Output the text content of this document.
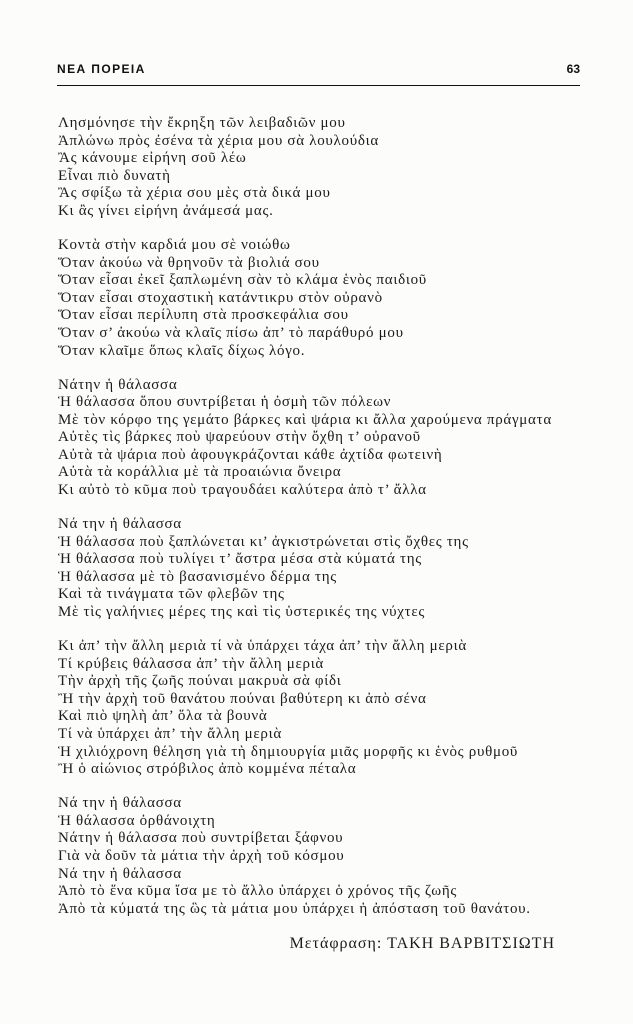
ΝΕΑ ΠΟΡΕΙΑ	63
Λησμόνησε τὴν ἔκρηξη τῶν λειβαδιῶν μου
Ἀπλώνω πρὸς ἐσένα τὰ χέρια μου σὰ λουλούδια
Ἂς κάνουμε εἰρήνη σοῦ λέω
Εἶναι πιὸ δυνατὴ
Ἂς σφίξω τὰ χέρια σου μὲς στὰ δικά μου
Κι ἂς γίνει εἰρήνη ἀνάμεσά μας.
Κοντὰ στὴν καρδιά μου σὲ νοιώθω
Ὅταν ἀκούω νὰ θρηνοῦν τὰ βιολιά σου
Ὅταν εἶσαι ἐκεῖ ξαπλωμένη σὰν τὸ κλάμα ἑνὸς παιδιοῦ
Ὅταν εἶσαι στοχαστικὴ κατάντικρυ στὸν οὐρανὸ
Ὅταν εἶσαι περίλυπη στὰ προσκεφάλια σου
Ὅταν σ’ ἀκούω νὰ κλαῖς πίσω ἀπ’ τὸ παράθυρό μου
Ὅταν κλαῖμε ὅπως κλαῖς δίχως λόγο.
Νάτην ἡ θάλασσα
Ἡ θάλασσα ὅπου συντρίβεται ἡ ὀσμὴ τῶν πόλεων
Μὲ τὸν κόρφο της γεμάτο βάρκες καὶ ψάρια κι ἄλλα χαρούμενα πράγματα
Αὐτὲς τὶς βάρκες ποὺ ψαρεύουν στὴν ὄχθη τ’ οὐρανοῦ
Αὐτὰ τὰ ψάρια ποὺ ἀφουγκράζονται κάθε ἀχτίδα φωτεινὴ
Αὐτὰ τὰ κοράλλια μὲ τὰ προαιώνια ὄνειρα
Κι αὐτὸ τὸ κῦμα ποὺ τραγουδάει καλύτερα ἀπὸ τ’ ἄλλα
Νά την ἡ θάλασσα
Ἡ θάλασσα ποὺ ξαπλώνεται κι’ ἀγκιστρώνεται στὶς ὄχθες της
Ἡ θάλασσα ποὺ τυλίγει τ’ ἄστρα μέσα στὰ κύματά της
Ἡ θάλασσα μὲ τὸ βασανισμένο δέρμα της
Καὶ τὰ τινάγματα τῶν φλεβῶν της
Μὲ τὶς γαλήνιες μέρες της καὶ τὶς ὑστερικές της νύχτες
Κι ἀπ’ τὴν ἄλλη μεριὰ τί νὰ ὑπάρχει τάχα ἀπ’ τὴν ἄλλη μεριὰ
Τί κρύβεις θάλασσα ἀπ’ τὴν ἄλλη μεριὰ
Τὴν ἀρχὴ τῆς ζωῆς πούναι μακρυὰ σὰ φίδι
Ἢ τὴν ἀρχὴ τοῦ θανάτου πούναι βαθύτερη κι ἀπὸ σένα
Καὶ πιὸ ψηλὴ ἀπ’ ὅλα τὰ βουνὰ
Τί νὰ ὑπάρχει ἀπ’ τὴν ἄλλη μεριὰ
Ἡ χιλιόχρονη θέληση γιὰ τὴ δημιουργία μιᾶς μορφῆς κι ἑνὸς ρυθμοῦ
Ἢ ὁ αἰώνιος στρόβιλος ἀπὸ κομμένα πέταλα
Νά την ἡ θάλασσα
Ἡ θάλασσα ὀρθάνοιχτη
Νάτην ἡ θάλασσα ποὺ συντρίβεται ξάφνου
Γιὰ νὰ δοῦν τὰ μάτια τὴν ἀρχὴ τοῦ κόσμου
Νά την ἡ θάλασσα
Ἀπὸ τὸ ἕνα κῦμα ἴσα με τὸ ἄλλο ὑπάρχει ὁ χρόνος τῆς ζωῆς
Ἀπὸ τὰ κύματά της ὣς τὰ μάτια μου ὑπάρχει ἡ ἀπόσταση τοῦ θανάτου.
Μετάφραση: ΤΑΚΗ ΒΑΡΒΙΤΣΙΩΤΗ
